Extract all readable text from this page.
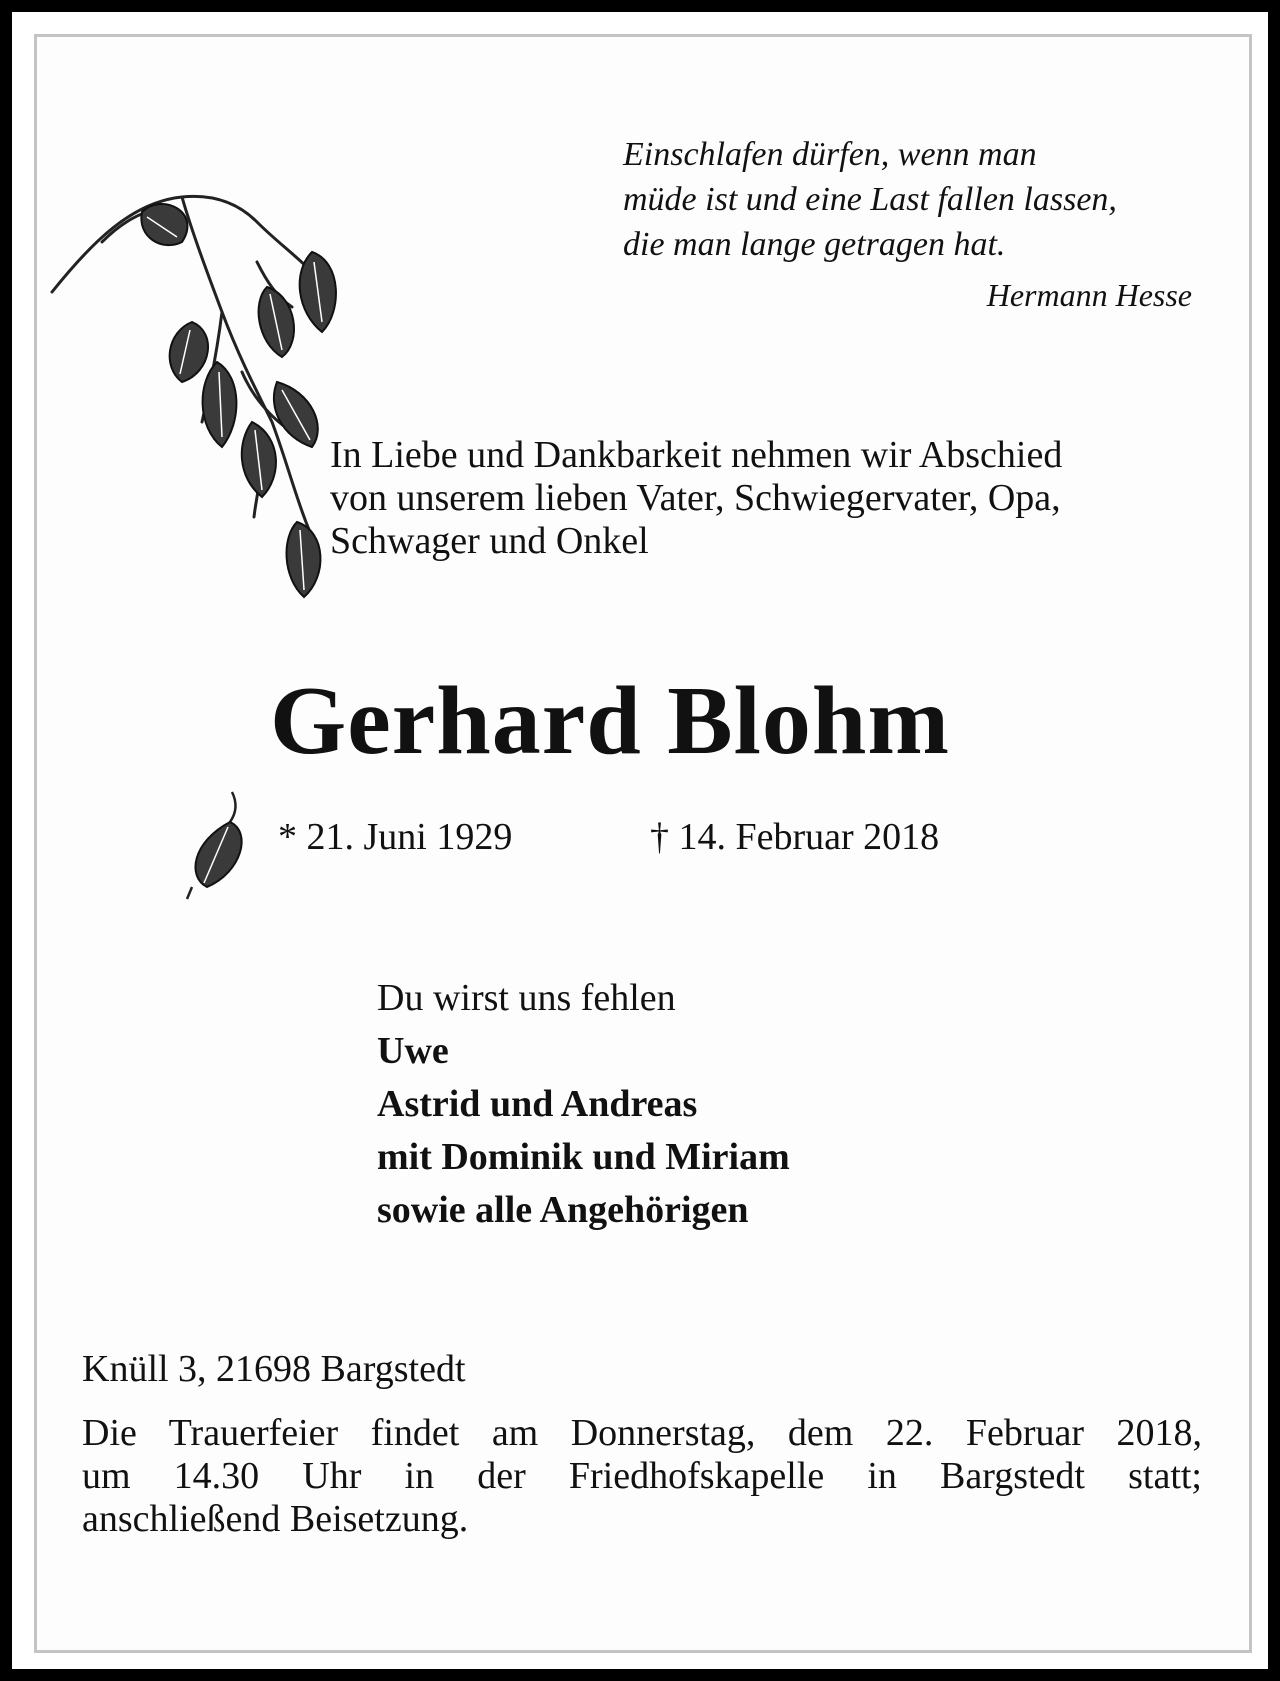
Einschlafen dürfen, wenn man
müde ist und eine Last fallen lassen,
die man lange getragen hat.
Hermann Hesse
In Liebe und Dankbarkeit nehmen wir Abschied
von unserem lieben Vater, Schwiegervater, Opa,
Schwager und Onkel
Gerhard Blohm
* 21. Juni 1929	† 14. Februar 2018
Du wirst uns fehlen
Uwe
Astrid und Andreas
mit Dominik und Miriam
sowie alle Angehörigen
Knüll 3, 21698 Bargstedt
Die Trauerfeier findet am Donnerstag, dem 22. Februar 2018,
um 14.30 Uhr in der Friedhofskapelle in Bargstedt statt;
anschließend Beisetzung.
